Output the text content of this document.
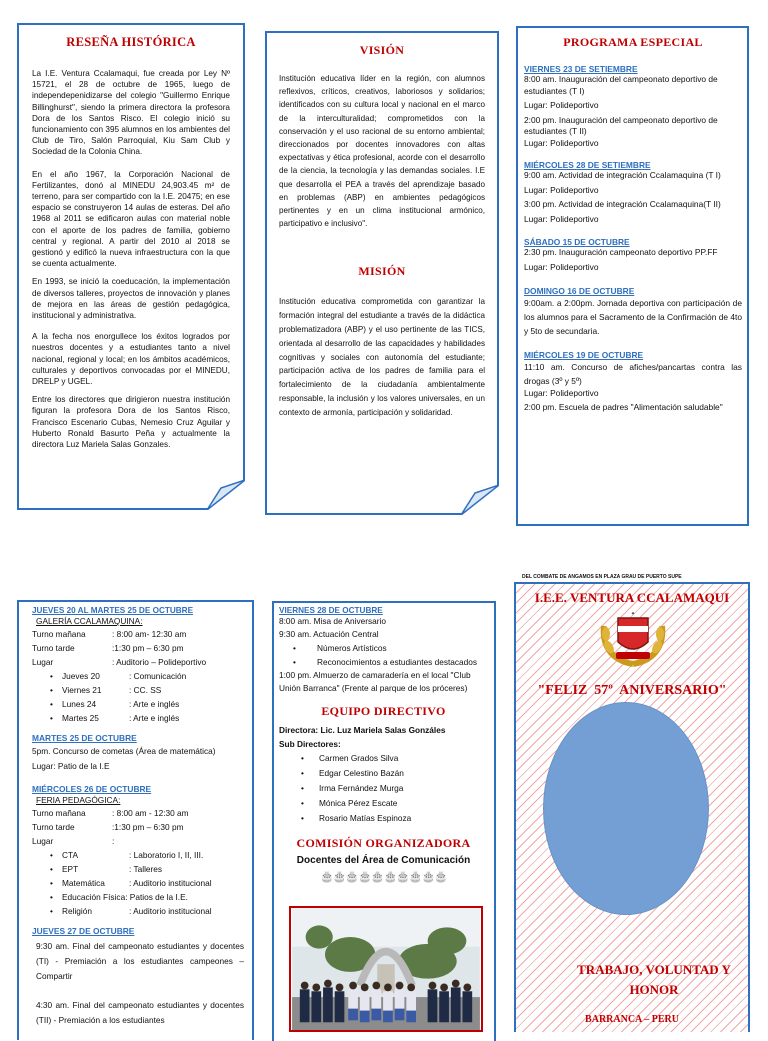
RESEÑA HISTÓRICA
La I.E. Ventura Ccalamaqui, fue creada por Ley Nº 15721, el 28 de octubre de 1965, luego de independepenidizarse del colegio "Guillermo Enrique Billinghurst", siendo la primera directora la profesora Dora de los Santos Risco. El colegio inició su funcionamiento con 395 alumnos en los ambientes del Club de Tiro, Salón Parroquial, Kiu Sam Club y Sociedad de la Colonia China.
En el año 1967, la Corporación Nacional de Fertilizantes, donó al MINEDU 24,903.45 m² de terreno, para ser compartido con la I.E. 20475; en ese espacio se construyeron 14 aulas de esteras. Del año 1968 al 2011 se edificaron aulas con material noble con el aporte de los padres de familia, gobierno central y regional. A partir del 2010 al 2018 se gestionó y edificó la nueva infraestructura con la que se cuenta actualmente.
En 1993, se inició la coeducación, la implementación de diversos talleres, proyectos de innovación y planes de mejora en las áreas de gestión pedagógica, institucional y administrativa.
A la fecha nos enorgullece los éxitos logrados por nuestros docentes y a estudiantes tanto a nivel nacional, regional y local; en los ámbitos académicos, culturales y deportivos convocadas por el MINEDU, DRELP y UGEL.
Entre los directores que dirigieron nuestra institución figuran la profesora Dora de los Santos Risco, Francisco Escenario Cubas, Nemesio Cruz Aguilar y Huberto Ronald Basurto Peña y actualmente la directora Luz Mariela Salas Gonzales.
VISIÓN
Institución educativa líder en la región, con alumnos reflexivos, críticos, creativos, laboriosos y solidarios; identificados con su cultura local y nacional en el marco de la interculturalidad; comprometidos con la conservación y el uso racional de su entorno ambiental; direccionados por docentes innovadores con altas expectativas y ética profesional, acorde con el desarrollo de la ciencia, la tecnología y las demandas sociales. I.E que desarrolla el PEA a través del aprendizaje basado en problemas (ABP) en ambientes pedagógicos pertinentes y en un clima institucional armónico, participativo e inclusivo".
MISIÓN
Institución educativa comprometida con garantizar la formación integral del estudiante a través de la didáctica problematizadora (ABP) y el uso pertinente de las TICS, orientada al desarrollo de las capacidades y habilidades cognitivas y sociales con autonomía del estudiante; participación activa de los padres de familia para el fortalecimiento de la ciudadanía ambientalmente responsable, la inclusión y los valores universales, en un contexto de armonía, participación y solidaridad.
PROGRAMA ESPECIAL
VIERNES 23 DE SETIEMBRE
8:00 am. Inauguración del campeonato deportivo de estudiantes (T I)
Lugar: Polideportivo
2:00 pm. Inauguración del campeonato deportivo de estudiantes (T II)
Lugar: Polideportivo
MIÉRCOLES 28 DE SETIEMBRE
9:00 am. Actividad de integración Ccalamaquina (T I)
Lugar: Polideportivo
3:00 pm. Actividad de integración Ccalamaquina(T II)
Lugar: Polideportivo
SÁBADO 15 DE OCTUBRE
2:30 pm. Inauguración campeonato deportivo PP.FF
Lugar: Polideportivo
DOMINGO 16 DE OCTUBRE
9:00am. a 2:00pm. Jornada deportiva con participación de los alumnos para el Sacramento de la Confirmación de 4to y 5to de secundaria.
MIÉRCOLES 19 DE OCTUBRE
11:10 am. Concurso de afiches/pancartas contra las drogas (3º y 5º)
Lugar: Polideportivo
2:00 pm. Escuela de padres "Alimentación saludable"
JUEVES 20 AL MARTES 25 DE OCTUBRE
GALERÍA CCALAMAQUINA:
Turno mañana	: 8:00 am- 12:30 am
Turno tarde	:1:30 pm – 6:30 pm
Lugar	: Auditorio – Polideportivo
•	Jueves 20	: Comunicación
•	Viernes 21	: CC. SS
•	Lunes 24	: Arte e inglés
•	Martes 25	: Arte e inglés
MARTES 25 DE OCTUBRE
5pm. Concurso de cometas (Área de matemática)
Lugar: Patio de la I.E
MIÉRCOLES 26 DE OCTUBRE
FERIA PEDAGÓGICA:
Turno mañana	: 8:00 am - 12:30 am
Turno tarde	:1:30 pm – 6:30 pm
Lugar	:
•	CTA	: Laboratorio I, II, III.
•	EPT	: Talleres
•	Matemática	: Auditorio institucional
•	Educación Física : Patios de la I.E.
•	Religión	: Auditorio institucional
JUEVES 27 DE OCTUBRE
9:30 am. Final del campeonato estudiantes y docentes (TI) - Premiación a los estudiantes campeones – Compartir
4:30 am. Final del campeonato estudiantes y docentes (TII) - Premiación a los estudiantes
VIERNES 28 DE OCTUBRE
8:00 am. Misa de Aniversario
9:30 am. Actuación Central
•	Números Artísticos
•	Reconocimientos a estudiantes destacados
1:00 pm. Almuerzo de camaradería en el local "Club Unión Barranca" (Frente al parque de los próceres)
EQUIPO DIRECTIVO
Directora: Lic. Luz Mariela Salas Gonzáles
Sub Directores:
•	Carmen Grados Silva
•	Edgar Celestino Bazán
•	Irma Fernández Murga
•	Mónica Pérez Escate
•	Rosario Matías Espinoza
COMISIÓN ORGANIZADORA
Docentes del Área de Comunicación
🎂🎂🎂🎂🎂🎂🎂🎂🎂🎂
DEL COMBATE DE ANGAMOS EN PLAZA GRAU DE PUERTO SUPE
I.E.E. VENTURA CCALAMAQUI
✦
"FELIZ  57º  ANIVERSARIO"
TRABAJO, VOLUNTAD Y HONOR
BARRANCA – PERU
